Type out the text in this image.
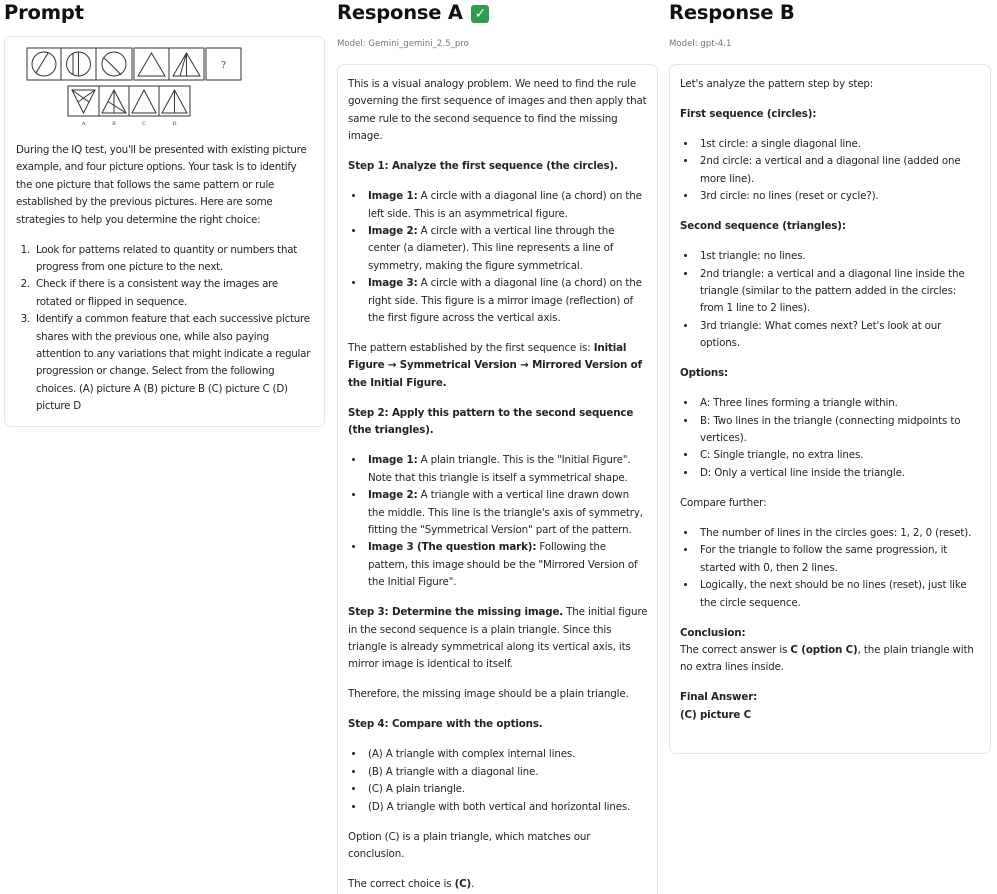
Prompt
?
A	B	C	D

During the IQ test, you'll be presented with existing picture example, and four picture options. Your task is to identify the one picture that follows the same pattern or rule established by the previous pictures. Here are some strategies to help you determine the right choice:

1. Look for patterns related to quantity or numbers that progress from one picture to the next.
2. Check if there is a consistent way the images are rotated or flipped in sequence.
3. Identify a common feature that each successive picture shares with the previous one, while also paying attention to any variations that might indicate a regular progression or change. Select from the following choices. (A) picture A (B) picture B (C) picture C (D) picture D
Response A ✓
Model: Gemini_gemini_2.5_pro

This is a visual analogy problem. We need to find the rule governing the first sequence of images and then apply that same rule to the second sequence to find the missing image.

Step 1: Analyze the first sequence (the circles).

• Image 1: A circle with a diagonal line (a chord) on the left side. This is an asymmetrical figure.
• Image 2: A circle with a vertical line through the center (a diameter). This line represents a line of symmetry, making the figure symmetrical.
• Image 3: A circle with a diagonal line (a chord) on the right side. This figure is a mirror image (reflection) of the first figure across the vertical axis.

The pattern established by the first sequence is: Initial Figure → Symmetrical Version → Mirrored Version of the Initial Figure.

Step 2: Apply this pattern to the second sequence (the triangles).

• Image 1: A plain triangle. This is the "Initial Figure". Note that this triangle is itself a symmetrical shape.
• Image 2: A triangle with a vertical line drawn down the middle. This line is the triangle's axis of symmetry, fitting the "Symmetrical Version" part of the pattern.
• Image 3 (The question mark): Following the pattern, this image should be the "Mirrored Version of the Initial Figure".

Step 3: Determine the missing image. The initial figure in the second sequence is a plain triangle. Since this triangle is already symmetrical along its vertical axis, its mirror image is identical to itself.

Therefore, the missing image should be a plain triangle.

Step 4: Compare with the options.

• (A) A triangle with complex internal lines.
• (B) A triangle with a diagonal line.
• (C) A plain triangle.
• (D) A triangle with both vertical and horizontal lines.

Option (C) is a plain triangle, which matches our conclusion.

The correct choice is (C).

Response B
Model: gpt-4.1

Let's analyze the pattern step by step:

First sequence (circles):

• 1st circle: a single diagonal line.
• 2nd circle: a vertical and a diagonal line (added one more line).
• 3rd circle: no lines (reset or cycle?).

Second sequence (triangles):

• 1st triangle: no lines.
• 2nd triangle: a vertical and a diagonal line inside the triangle (similar to the pattern added in the circles: from 1 line to 2 lines).
• 3rd triangle: What comes next? Let's look at our options.

Options:

• A: Three lines forming a triangle within.
• B: Two lines in the triangle (connecting midpoints to vertices).
• C: Single triangle, no extra lines.
• D: Only a vertical line inside the triangle.

Compare further:

• The number of lines in the circles goes: 1, 2, 0 (reset).
• For the triangle to follow the same progression, it started with 0, then 2 lines.
• Logically, the next should be no lines (reset), just like the circle sequence.

Conclusion:
The correct answer is C (option C), the plain triangle with no extra lines inside.

Final Answer:
(C) picture C
